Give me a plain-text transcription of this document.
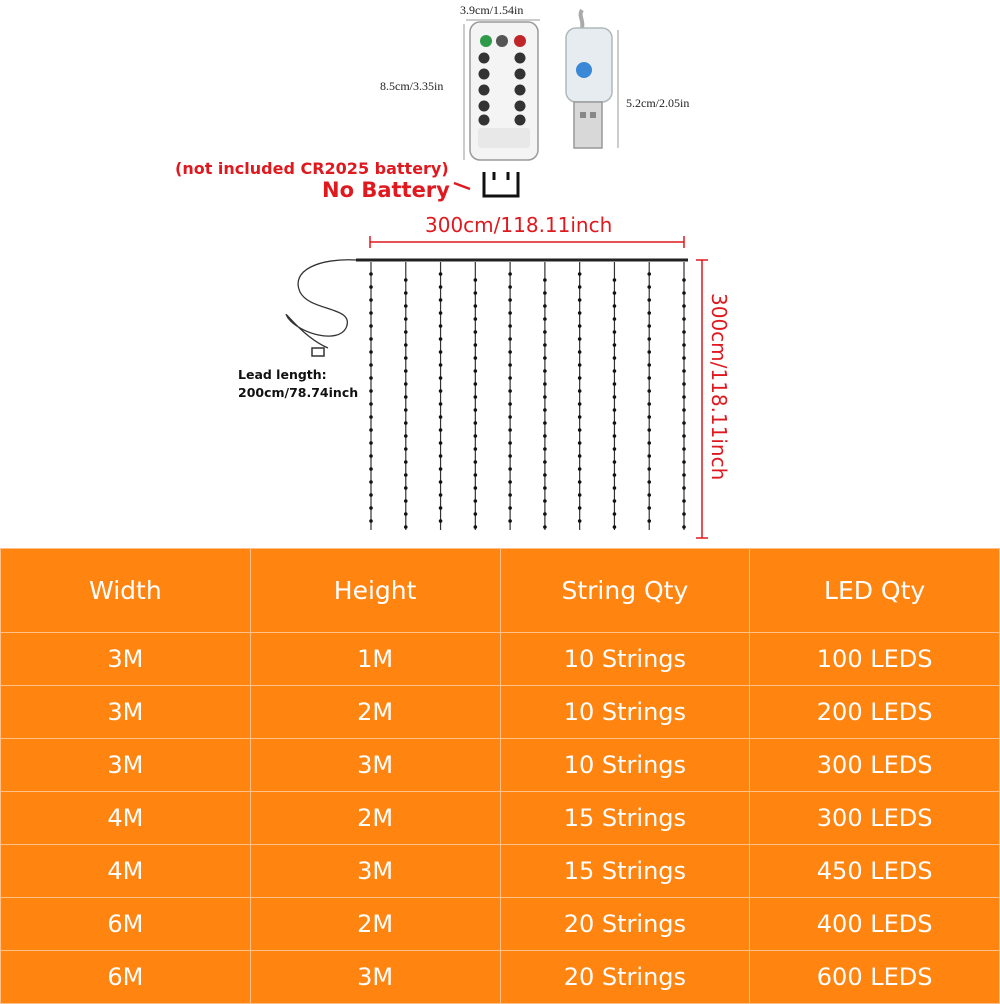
3.9cm/1.54in
8.5cm/3.35in
5.2cm/2.05in
(not included CR2025 battery)
No Battery
300cm/118.11inch
Lead length:
200cm/78.74inch	300cm/118.11inch
Width	Height	String Qty	LED Qty
3M	1M	10 Strings	100 LEDS
3M	2M	10 Strings	200 LEDS
3M	3M	10 Strings	300 LEDS
4M	2M	15 Strings	300 LEDS
4M	3M	15 Strings	450 LEDS
6M	2M	20 Strings	400 LEDS
6M	3M	20 Strings	600 LEDS
